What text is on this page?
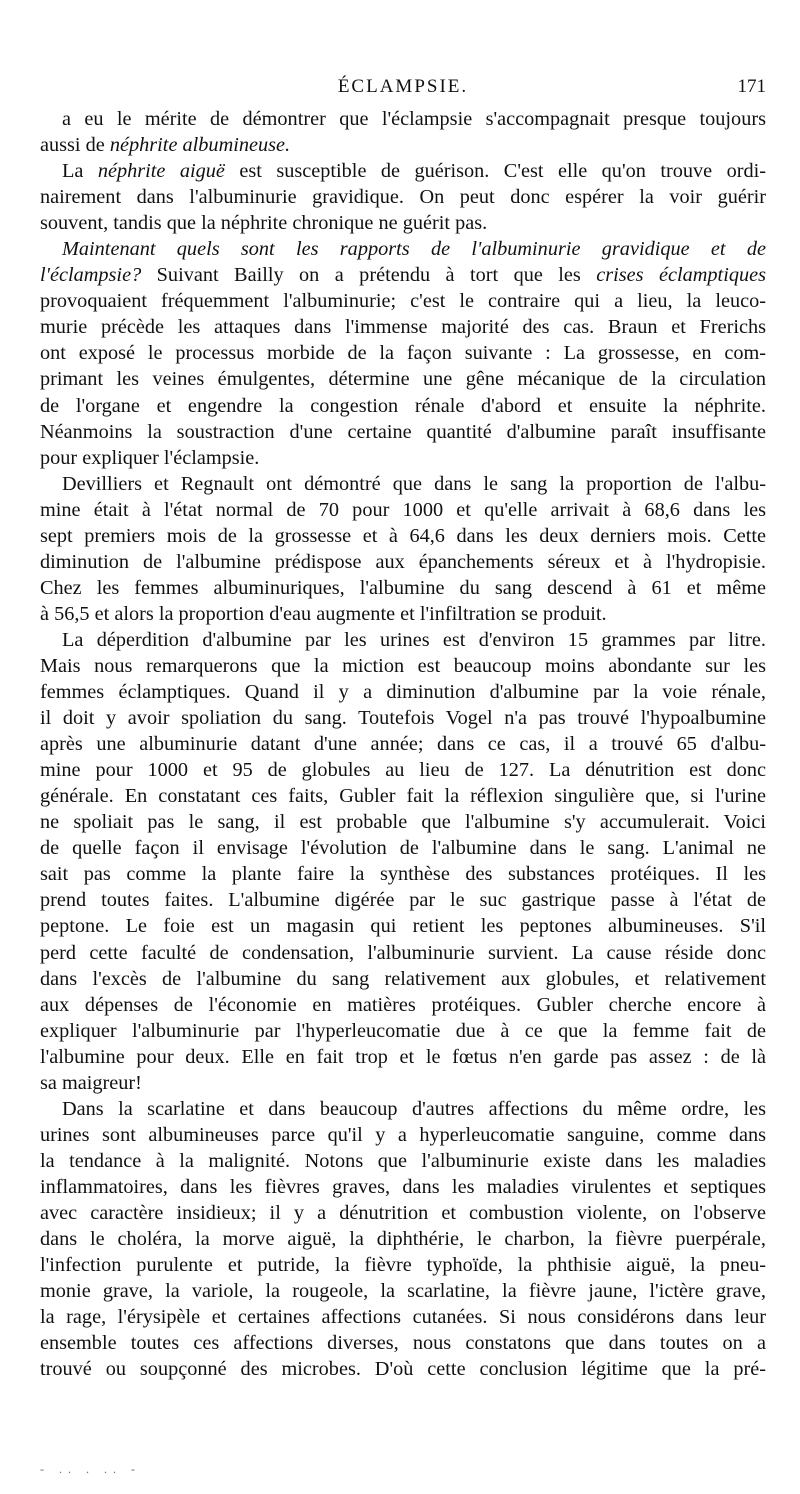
ÉCLAMPSIE.	171
a eu le mérite de démontrer que l'éclampsie s'accompagnait presque toujours
aussi de néphrite albumineuse.
La néphrite aiguë est susceptible de guérison. C'est elle qu'on trouve ordi-
nairement dans l'albuminurie gravidique. On peut donc espérer la voir guérir
souvent, tandis que la néphrite chronique ne guérit pas.
Maintenant quels sont les rapports de l'albuminurie gravidique et de
l'éclampsie? Suivant Bailly on a prétendu à tort que les crises éclamptiques
provoquaient fréquemment l'albuminurie; c'est le contraire qui a lieu, la leuco-
murie précède les attaques dans l'immense majorité des cas. Braun et Frerichs
ont exposé le processus morbide de la façon suivante : La grossesse, en com-
primant les veines émulgentes, détermine une gêne mécanique de la circulation
de l'organe et engendre la congestion rénale d'abord et ensuite la néphrite.
Néanmoins la soustraction d'une certaine quantité d'albumine paraît insuffisante
pour expliquer l'éclampsie.
Devilliers et Regnault ont démontré que dans le sang la proportion de l'albu-
mine était à l'état normal de 70 pour 1000 et qu'elle arrivait à 68,6 dans les
sept premiers mois de la grossesse et à 64,6 dans les deux derniers mois. Cette
diminution de l'albumine prédispose aux épanchements séreux et à l'hydropisie.
Chez les femmes albuminuriques, l'albumine du sang descend à 61 et même
à 56,5 et alors la proportion d'eau augmente et l'infiltration se produit.
La déperdition d'albumine par les urines est d'environ 15 grammes par litre.
Mais nous remarquerons que la miction est beaucoup moins abondante sur les
femmes éclamptiques. Quand il y a diminution d'albumine par la voie rénale,
il doit y avoir spoliation du sang. Toutefois Vogel n'a pas trouvé l'hypoalbumine
après une albuminurie datant d'une année; dans ce cas, il a trouvé 65 d'albu-
mine pour 1000 et 95 de globules au lieu de 127. La dénutrition est donc
générale. En constatant ces faits, Gubler fait la réflexion singulière que, si l'urine
ne spoliait pas le sang, il est probable que l'albumine s'y accumulerait. Voici
de quelle façon il envisage l'évolution de l'albumine dans le sang. L'animal ne
sait pas comme la plante faire la synthèse des substances protéiques. Il les
prend toutes faites. L'albumine digérée par le suc gastrique passe à l'état de
peptone. Le foie est un magasin qui retient les peptones albumineuses. S'il
perd cette faculté de condensation, l'albuminurie survient. La cause réside donc
dans l'excès de l'albumine du sang relativement aux globules, et relativement
aux dépenses de l'économie en matières protéiques. Gubler cherche encore à
expliquer l'albuminurie par l'hyperleucomatie due à ce que la femme fait de
l'albumine pour deux. Elle en fait trop et le fœtus n'en garde pas assez : de là
sa maigreur!
Dans la scarlatine et dans beaucoup d'autres affections du même ordre, les
urines sont albumineuses parce qu'il y a hyperleucomatie sanguine, comme dans
la tendance à la malignité. Notons que l'albuminurie existe dans les maladies
inflammatoires, dans les fièvres graves, dans les maladies virulentes et septiques
avec caractère insidieux; il y a dénutrition et combustion violente, on l'observe
dans le choléra, la morve aiguë, la diphthérie, le charbon, la fièvre puerpérale,
l'infection purulente et putride, la fièvre typhoïde, la phthisie aiguë, la pneu-
monie grave, la variole, la rougeole, la scarlatine, la fièvre jaune, l'ictère grave,
la rage, l'érysipèle et certaines affections cutanées. Si nous considérons dans leur
ensemble toutes ces affections diverses, nous constatons que dans toutes on a
trouvé ou soupçonné des microbes. D'où cette conclusion légitime que la pré-
- .. . .. -
